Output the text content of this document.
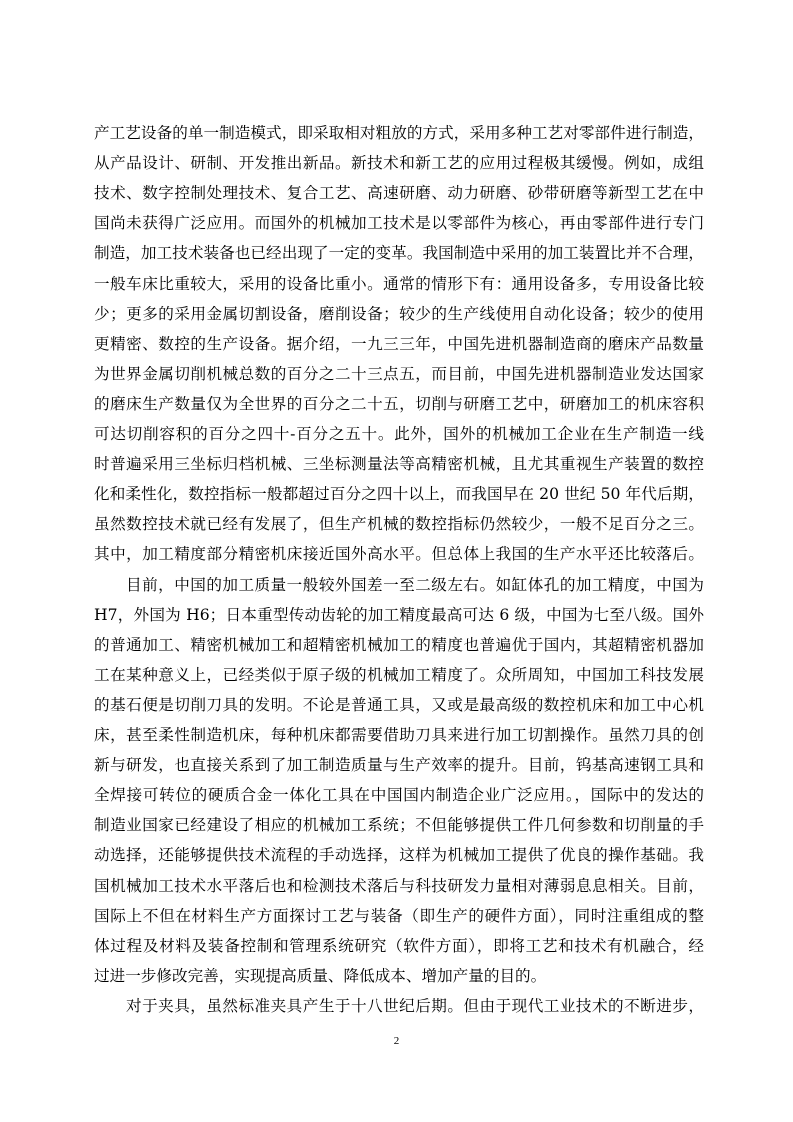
产工艺设备的单一制造模式，即采取相对粗放的方式，采用多种工艺对零部件进行制造，
从产品设计、研制、开发推出新品。新技术和新工艺的应用过程极其缓慢。例如，成组
技术、数字控制处理技术、复合工艺、高速研磨、动力研磨、砂带研磨等新型工艺在中
国尚未获得广泛应用。而国外的机械加工技术是以零部件为核心，再由零部件进行专门
制造，加工技术装备也已经出现了一定的变革。我国制造中采用的加工装置比并不合理，
一般车床比重较大，采用的设备比重小。通常的情形下有：通用设备多，专用设备比较
少；更多的采用金属切割设备，磨削设备；较少的生产线使用自动化设备；较少的使用
更精密、数控的生产设备。据介绍，一九三三年，中国先进机器制造商的磨床产品数量
为世界金属切削机械总数的百分之二十三点五，而目前，中国先进机器制造业发达国家
的磨床生产数量仅为全世界的百分之二十五，切削与研磨工艺中，研磨加工的机床容积
可达切削容积的百分之四十-百分之五十。此外，国外的机械加工企业在生产制造一线
时普遍采用三坐标归档机械、三坐标测量法等高精密机械，且尤其重视生产装置的数控
化和柔性化，数控指标一般都超过百分之四十以上，而我国早在 20 世纪 50 年代后期，
虽然数控技术就已经有发展了，但生产机械的数控指标仍然较少，一般不足百分之三。
其中，加工精度部分精密机床接近国外高水平。但总体上我国的生产水平还比较落后。
目前，中国的加工质量一般较外国差一至二级左右。如缸体孔的加工精度，中国为
H7，外国为 H6；日本重型传动齿轮的加工精度最高可达 6 级，中国为七至八级。国外
的普通加工、精密机械加工和超精密机械加工的精度也普遍优于国内，其超精密机器加
工在某种意义上，已经类似于原子级的机械加工精度了。众所周知，中国加工科技发展
的基石便是切削刀具的发明。不论是普通工具，又或是最高级的数控机床和加工中心机
床，甚至柔性制造机床，每种机床都需要借助刀具来进行加工切割操作。虽然刀具的创
新与研发，也直接关系到了加工制造质量与生产效率的提升。目前，钨基高速钢工具和
全焊接可转位的硬质合金一体化工具在中国国内制造企业广泛应用。，国际中的发达的
制造业国家已经建设了相应的机械加工系统；不但能够提供工件几何参数和切削量的手
动选择，还能够提供技术流程的手动选择，这样为机械加工提供了优良的操作基础。我
国机械加工技术水平落后也和检测技术落后与科技研发力量相对薄弱息息相关。目前，
国际上不但在材料生产方面探讨工艺与装备（即生产的硬件方面），同时注重组成的整
体过程及材料及装备控制和管理系统研究（软件方面），即将工艺和技术有机融合，经
过进一步修改完善，实现提高质量、降低成本、增加产量的目的。
对于夹具，虽然标准夹具产生于十八世纪后期。但由于现代工业技术的不断进步，
2
